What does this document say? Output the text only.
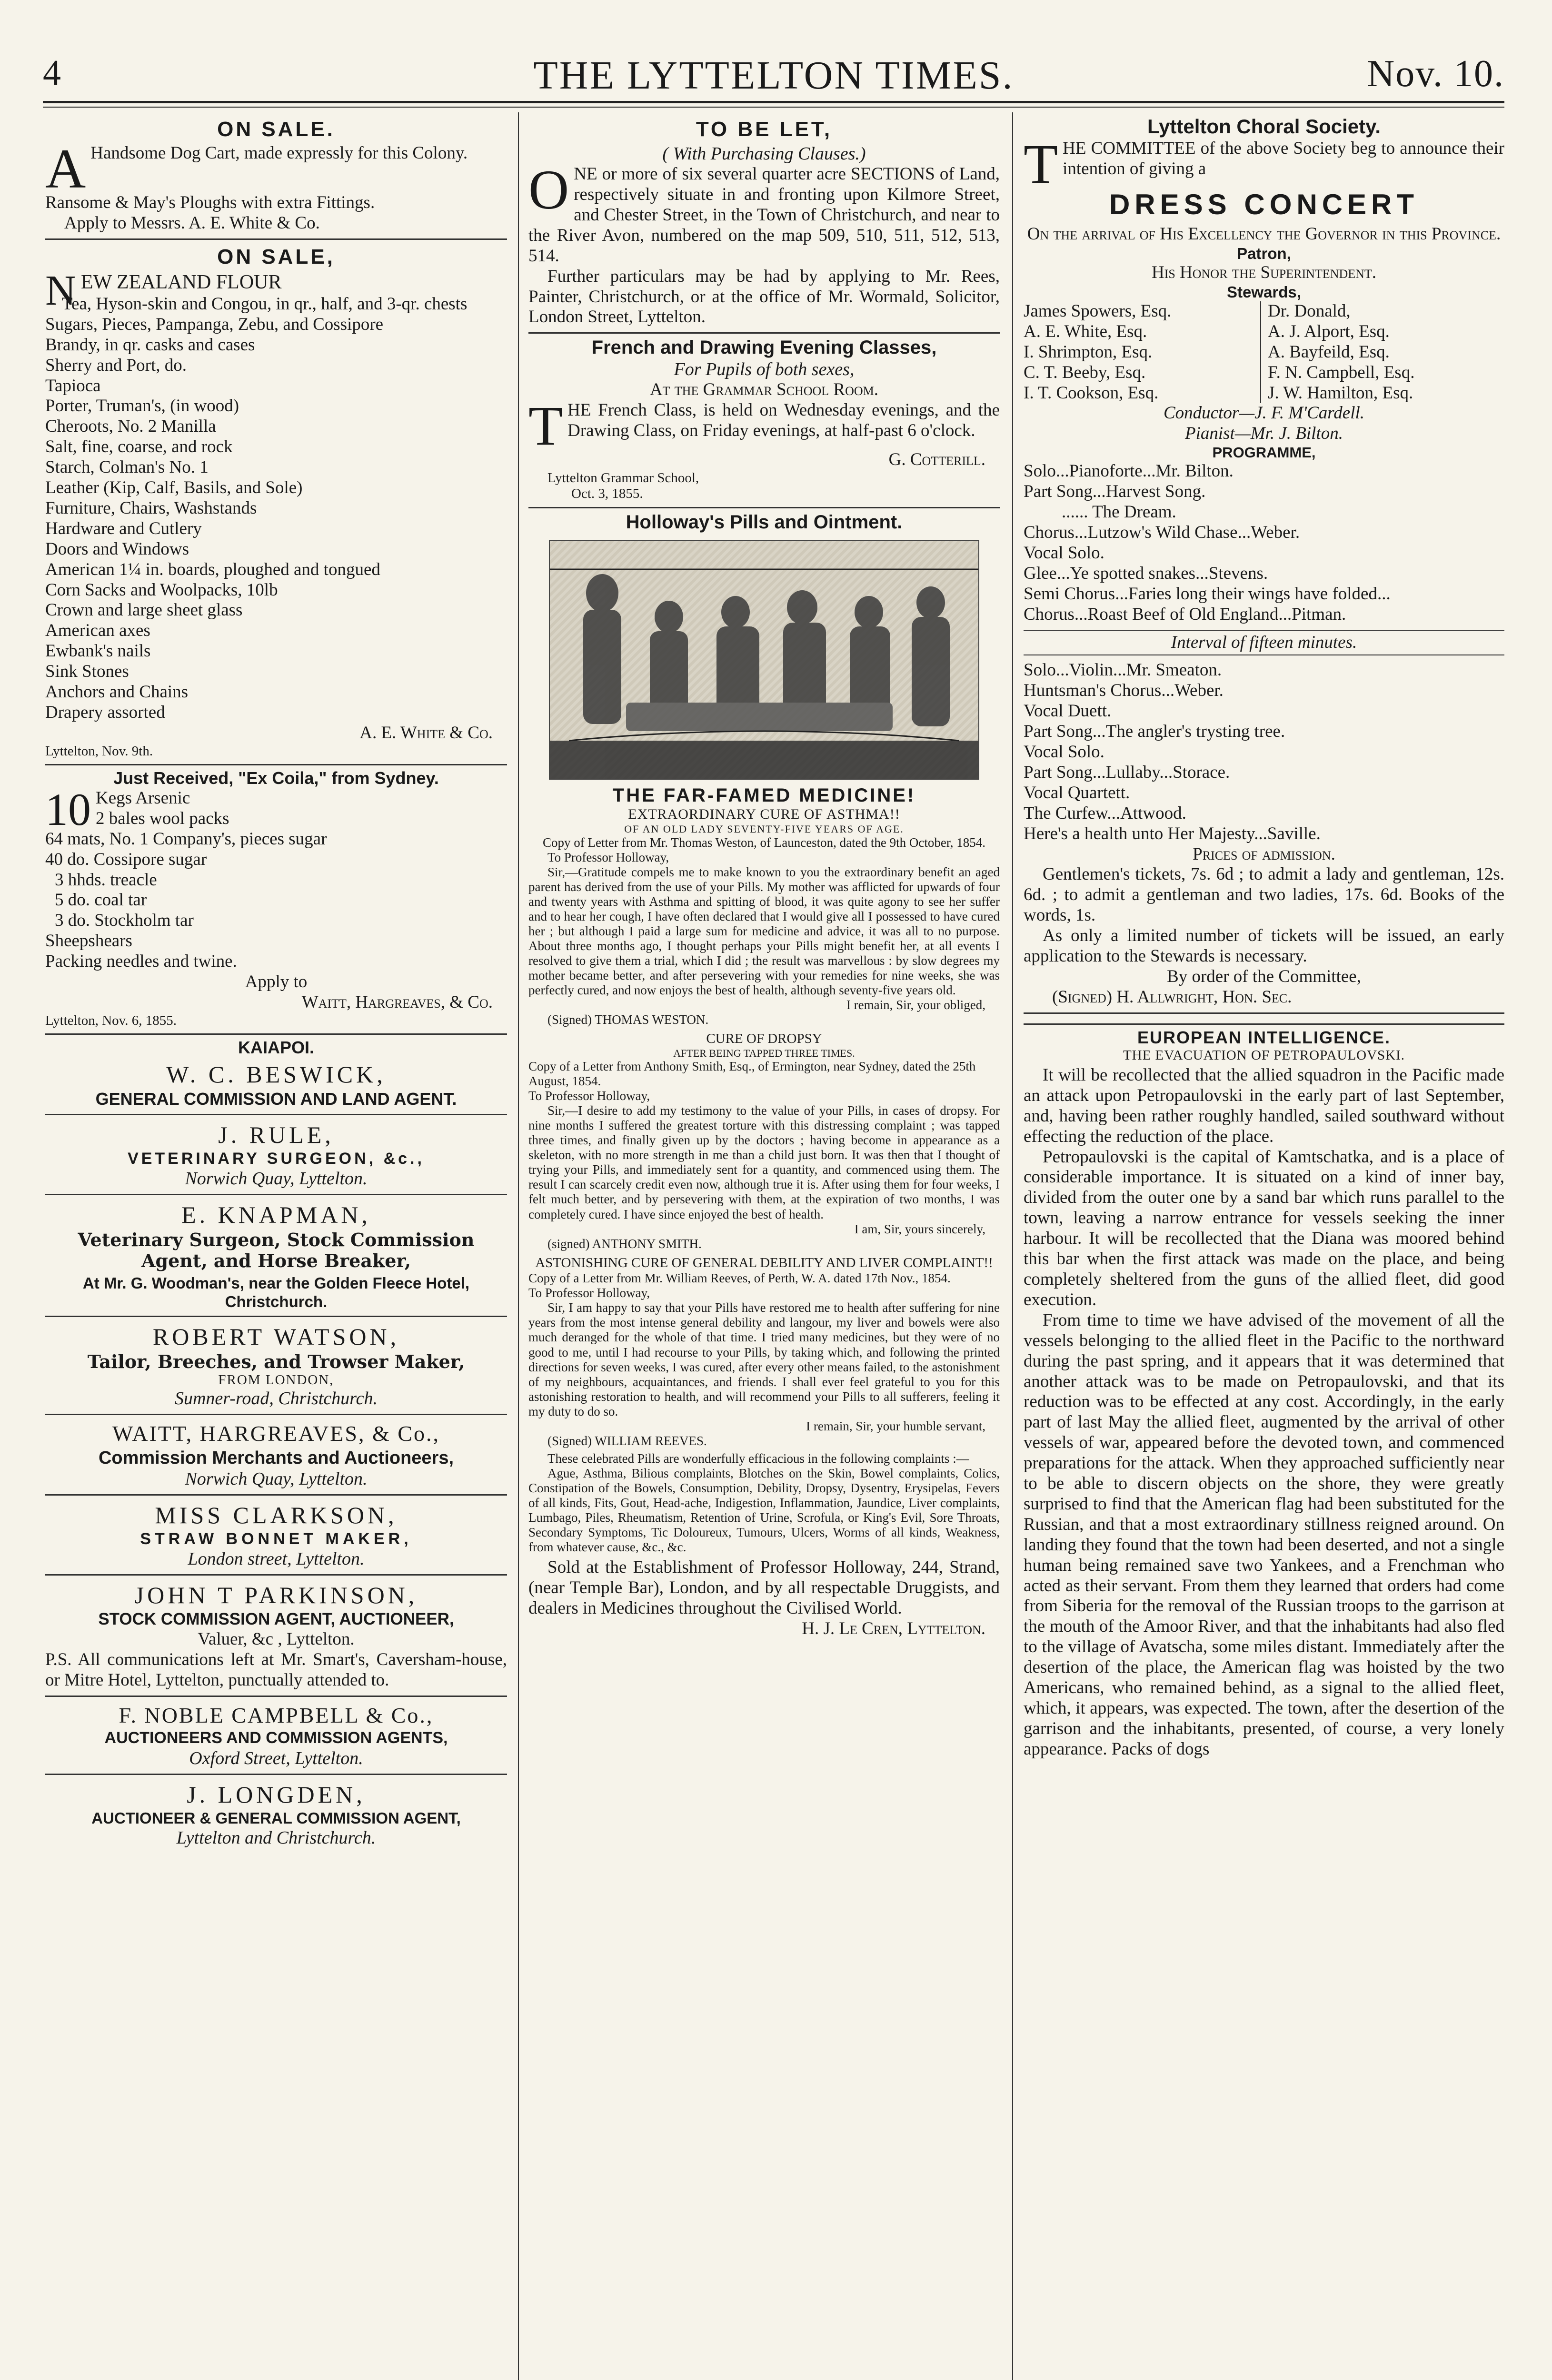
4	THE LYTTELTON TIMES.	Nov. 10.
ON SALE.

A Handsome Dog Cart, made expressly for this Colony.

Ransome & May's Ploughs with extra Fittings.

Apply to Messrs. A. E. White & Co.

ON SALE,

NEW ZEALAND FLOUR

Tea, Hyson-skin and Congou, in qr., half, and 3-qr. chests

Sugars, Pieces, Pampanga, Zebu, and Cossipore

Brandy, in qr. casks and cases

Sherry and Port, do.

Tapioca

Porter, Truman's, (in wood)

Cheroots, No. 2 Manilla

Salt, fine, coarse, and rock

Starch, Colman's No. 1

Leather (Kip, Calf, Basils, and Sole)

Furniture, Chairs, Washstands

Hardware and Cutlery

Doors and Windows

American 1¼ in. boards, ploughed and tongued

Corn Sacks and Woolpacks, 10lb

Crown and large sheet glass

American axes

Ewbank's nails

Sink Stones

Anchors and Chains

Drapery assorted

A. E. White & Co.

Lyttelton, Nov. 9th.

Just Received, "Ex Coila," from Sydney.

10 Kegs Arsenic

2 bales wool packs

64 mats, No. 1 Company's, pieces sugar

40 do. Cossipore sugar

3 hhds. treacle

5 do. coal tar

3 do. Stockholm tar

Sheepshears

Packing needles and twine.

Apply to

Waitt, Hargreaves, & Co.

Lyttelton, Nov. 6, 1855.

KAIAPOI.
W. C. BESWICK,
GENERAL COMMISSION AND LAND AGENT.
J. RULE,
VETERINARY SURGEON, &c.,
Norwich Quay, Lyttelton.
E. KNAPMAN,
Veterinary Surgeon, Stock Commission Agent, and Horse Breaker,
At Mr. G. Woodman's, near the Golden Fleece Hotel, Christchurch.
ROBERT WATSON,
Tailor, Breeches, and Trowser Maker,
FROM LONDON,
Sumner-road, Christchurch.
WAITT, HARGREAVES, & Co.,
Commission Merchants and Auctioneers,
Norwich Quay, Lyttelton.
MISS CLARKSON,
STRAW BONNET MAKER,
London street, Lyttelton.
JOHN T PARKINSON,
STOCK COMMISSION AGENT, AUCTIONEER,
Valuer, &c , Lyttelton.

P.S. All communications left at Mr. Smart's, Caversham-house, or Mitre Hotel, Lyttelton, punctually attended to.

F. NOBLE CAMPBELL & Co.,
AUCTIONEERS AND COMMISSION AGENTS,
Oxford Street, Lyttelton.
J. LONGDEN,
AUCTIONEER & GENERAL COMMISSION AGENT,
Lyttelton and Christchurch.
TO BE LET,
( With Purchasing Clauses.)

ONE or more of six several quarter acre SECTIONS of Land, respectively situate in and fronting upon Kilmore Street, and Chester Street, in the Town of Christchurch, and near to the River Avon, numbered on the map 509, 510, 511, 512, 513, 514.

Further particulars may be had by applying to Mr. Rees, Painter, Christchurch, or at the office of Mr. Wormald, Solicitor, London Street, Lyttelton.

French and Drawing Evening Classes,
For Pupils of both sexes,
At the Grammar School Room.

THE French Class, is held on Wednesday evenings, and the Drawing Class, on Friday evenings, at half-past 6 o'clock.

G. Cotterill.

Lyttelton Grammar School,

Oct. 3, 1855.

Holloway's Pills and Ointment.
THE FAR-FAMED MEDICINE!
EXTRAORDINARY CURE OF ASTHMA!!
OF AN OLD LADY SEVENTY-FIVE YEARS OF AGE.

Copy of Letter from Mr. Thomas Weston, of Launceston, dated the 9th October, 1854.

To Professor Holloway,

Sir,—Gratitude compels me to make known to you the extraordinary benefit an aged parent has derived from the use of your Pills. My mother was afflicted for upwards of four and twenty years with Asthma and spitting of blood, it was quite agony to see her suffer and to hear her cough, I have often declared that I would give all I possessed to have cured her ; but although I paid a large sum for medicine and advice, it was all to no purpose. About three months ago, I thought perhaps your Pills might benefit her, at all events I resolved to give them a trial, which I did ; the result was marvellous : by slow degrees my mother became better, and after persevering with your remedies for nine weeks, she was perfectly cured, and now enjoys the best of health, although seventy-five years old.

I remain, Sir, your obliged,

(Signed) THOMAS WESTON.

CURE OF DROPSY
AFTER BEING TAPPED THREE TIMES.

Copy of a Letter from Anthony Smith, Esq., of Ermington, near Sydney, dated the 25th August, 1854.

To Professor Holloway,

Sir,—I desire to add my testimony to the value of your Pills, in cases of dropsy. For nine months I suffered the greatest torture with this distressing complaint ; was tapped three times, and finally given up by the doctors ; having become in appearance as a skeleton, with no more strength in me than a child just born. It was then that I thought of trying your Pills, and immediately sent for a quantity, and commenced using them. The result I can scarcely credit even now, although true it is. After using them for four weeks, I felt much better, and by persevering with them, at the expiration of two months, I was completely cured. I have since enjoyed the best of health.

I am, Sir, yours sincerely,

(signed) ANTHONY SMITH.

ASTONISHING CURE OF GENERAL DEBILITY AND LIVER COMPLAINT!!

Copy of a Letter from Mr. William Reeves, of Perth, W. A. dated 17th Nov., 1854.

To Professor Holloway,

Sir, I am happy to say that your Pills have restored me to health after suffering for nine years from the most intense general debility and langour, my liver and bowels were also much deranged for the whole of that time. I tried many medicines, but they were of no good to me, until I had recourse to your Pills, by taking which, and following the printed directions for seven weeks, I was cured, after every other means failed, to the astonishment of my neighbours, acquaintances, and friends. I shall ever feel grateful to you for this astonishing restoration to health, and will recommend your Pills to all sufferers, feeling it my duty to do so.

I remain, Sir, your humble servant,

(Signed) WILLIAM REEVES.

These celebrated Pills are wonderfully efficacious in the following complaints :—

Ague, Asthma, Bilious complaints, Blotches on the Skin, Bowel complaints, Colics, Constipation of the Bowels, Consumption, Debility, Dropsy, Dysentry, Erysipelas, Fevers of all kinds, Fits, Gout, Head-ache, Indigestion, Inflammation, Jaundice, Liver complaints, Lumbago, Piles, Rheumatism, Retention of Urine, Scrofula, or King's Evil, Sore Throats, Secondary Symptoms, Tic Doloureux, Tumours, Ulcers, Worms of all kinds, Weakness, from whatever cause, &c., &c.

Sold at the Establishment of Professor Holloway, 244, Strand, (near Temple Bar), London, and by all respectable Druggists, and dealers in Medicines throughout the Civilised World.

H. J. Le Cren, Lyttelton.

Lyttelton Choral Society.

THE COMMITTEE of the above Society beg to announce their intention of giving a

DRESS CONCERT

On the arrival of His Excellency the Governor in this Province.

Patron,

His Honor the Superintendent.

Stewards,

James Spowers, Esq.

A. E. White, Esq.

I. Shrimpton, Esq.

C. T. Beeby, Esq.

I. T. Cookson, Esq.

Dr. Donald,

A. J. Alport, Esq.

A. Bayfeild, Esq.

F. N. Campbell, Esq.

J. W. Hamilton, Esq.

Conductor—J. F. M'Cardell.

Pianist—Mr. J. Bilton.

PROGRAMME,

Solo...Pianoforte...Mr. Bilton.

Part Song...Harvest Song.

...... The Dream.

Chorus...Lutzow's Wild Chase...Weber.

Vocal Solo.

Glee...Ye spotted snakes...Stevens.

Semi Chorus...Faries long their wings have folded...

Chorus...Roast Beef of Old England...Pitman.

Interval of fifteen minutes.

Solo...Violin...Mr. Smeaton.

Huntsman's Chorus...Weber.

Vocal Duett.

Part Song...The angler's trysting tree.

Vocal Solo.

Part Song...Lullaby...Storace.

Vocal Quartett.

The Curfew...Attwood.

Here's a health unto Her Majesty...Saville.

Prices of admission.

Gentlemen's tickets, 7s. 6d ; to admit a lady and gentleman, 12s. 6d. ; to admit a gentleman and two ladies, 17s. 6d. Books of the words, 1s.

As only a limited number of tickets will be issued, an early application to the Stewards is necessary.

By order of the Committee,

(Signed) H. Allwright, Hon. Sec.

EUROPEAN INTELLIGENCE.
THE EVACUATION OF PETROPAULOVSKI.

It will be recollected that the allied squadron in the Pacific made an attack upon Petropaulovski in the early part of last September, and, having been rather roughly handled, sailed southward without effecting the reduction of the place.

Petropaulovski is the capital of Kamtschatka, and is a place of considerable importance. It is situated on a kind of inner bay, divided from the outer one by a sand bar which runs parallel to the town, leaving a narrow entrance for vessels seeking the inner harbour. It will be recollected that the Diana was moored behind this bar when the first attack was made on the place, and being completely sheltered from the guns of the allied fleet, did good execution.

From time to time we have advised of the movement of all the vessels belonging to the allied fleet in the Pacific to the northward during the past spring, and it appears that it was determined that another attack was to be made on Petropaulovski, and that its reduction was to be effected at any cost. Accordingly, in the early part of last May the allied fleet, augmented by the arrival of other vessels of war, appeared before the devoted town, and commenced preparations for the attack. When they approached sufficiently near to be able to discern objects on the shore, they were greatly surprised to find that the American flag had been substituted for the Russian, and that a most extraordinary stillness reigned around. On landing they found that the town had been deserted, and not a single human being remained save two Yankees, and a Frenchman who acted as their servant. From them they learned that orders had come from Siberia for the removal of the Russian troops to the garrison at the mouth of the Amoor River, and that the inhabitants had also fled to the village of Avatscha, some miles distant. Immediately after the desertion of the place, the American flag was hoisted by the two Americans, who remained behind, as a signal to the allied fleet, which, it appears, was expected. The town, after the desertion of the garrison and the inhabitants, presented, of course, a very lonely appearance. Packs of dogs
